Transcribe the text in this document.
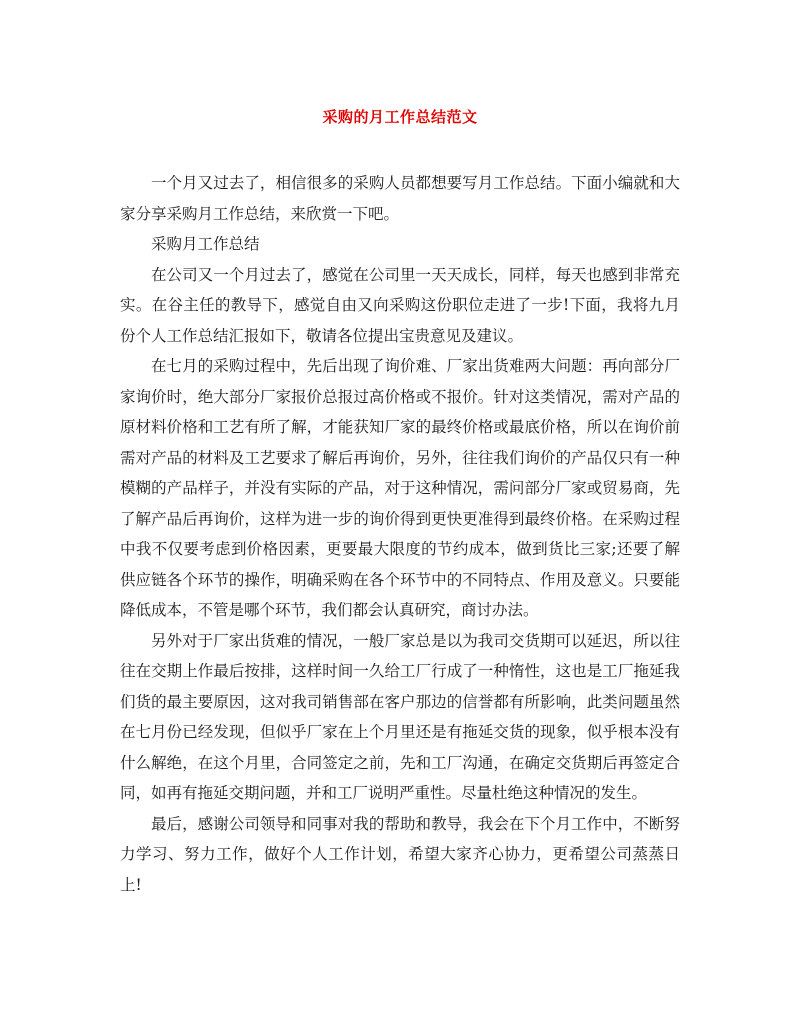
采购的月工作总结范文

一个月又过去了，相信很多的采购人员都想要写月工作总结。下面小编就和大家分享采购月工作总结，来欣赏一下吧。

采购月工作总结

在公司又一个月过去了，感觉在公司里一天天成长，同样，每天也感到非常充实。在谷主任的教导下，感觉自由又向采购这份职位走进了一步!下面，我将九月份个人工作总结汇报如下，敬请各位提出宝贵意见及建议。

在七月的采购过程中，先后出现了询价难、厂家出货难两大问题：再向部分厂家询价时，绝大部分厂家报价总报过高价格或不报价。针对这类情况，需对产品的原材料价格和工艺有所了解，才能获知厂家的最终价格或最底价格，所以在询价前需对产品的材料及工艺要求了解后再询价，另外，往往我们询价的产品仅只有一种模糊的产品样子，并没有实际的产品，对于这种情况，需问部分厂家或贸易商，先了解产品后再询价，这样为进一步的询价得到更快更准得到最终价格。在采购过程中我不仅要考虑到价格因素，更要最大限度的节约成本，做到货比三家;还要了解供应链各个环节的操作，明确采购在各个环节中的不同特点、作用及意义。只要能降低成本，不管是哪个环节，我们都会认真研究，商讨办法。

另外对于厂家出货难的情况，一般厂家总是以为我司交货期可以延迟，所以往往在交期上作最后按排，这样时间一久给工厂行成了一种惰性，这也是工厂拖延我们货的最主要原因，这对我司销售部在客户那边的信誉都有所影响，此类问题虽然在七月份已经发现，但似乎厂家在上个月里还是有拖延交货的现象，似乎根本没有什么解绝，在这个月里，合同签定之前，先和工厂沟通，在确定交货期后再签定合同，如再有拖延交期问题，并和工厂说明严重性。尽量杜绝这种情况的发生。

最后，感谢公司领导和同事对我的帮助和教导，我会在下个月工作中，不断努力学习、努力工作，做好个人工作计划，希望大家齐心协力，更希望公司蒸蒸日上!
